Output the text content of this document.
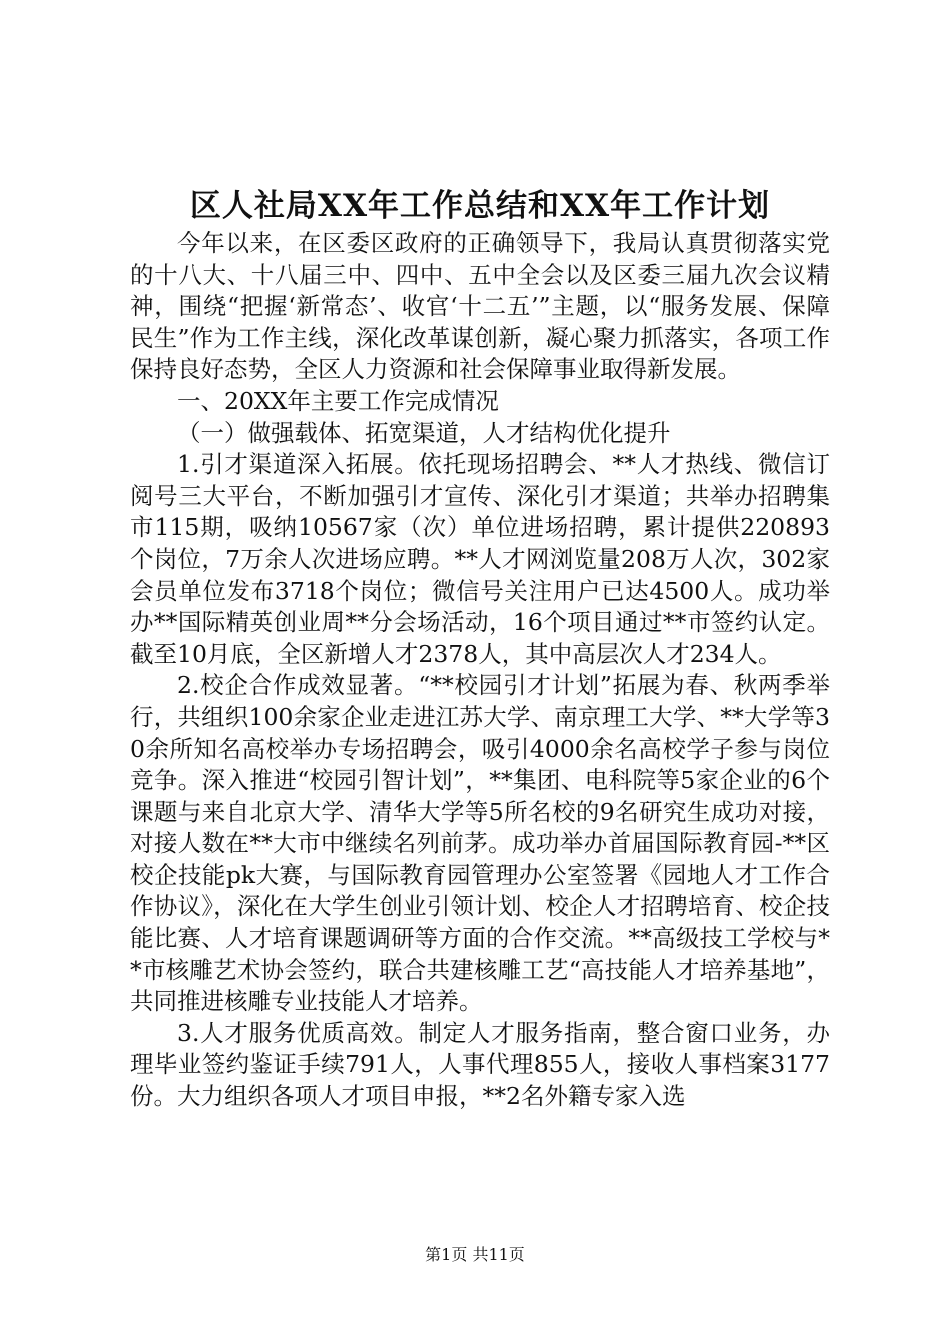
区人社局XX年工作总结和XX年工作计划

今年以来，在区委区政府的正确领导下，我局认真贯彻落实党的十八大、十八届三中、四中、五中全会以及区委三届九次会议精神，围绕“把握‘新常态’、收官‘十二五’”主题，以“服务发展、保障民生”作为工作主线，深化改革谋创新，凝心聚力抓落实，各项工作保持良好态势，全区人力资源和社会保障事业取得新发展。

一、20XX年主要工作完成情况

（一）做强载体、拓宽渠道，人才结构优化提升

1.引才渠道深入拓展。依托现场招聘会、**人才热线、微信订阅号三大平台，不断加强引才宣传、深化引才渠道；共举办招聘集市115期，吸纳10567家（次）单位进场招聘，累计提供220893个岗位，7万余人次进场应聘。**人才网浏览量208万人次，302家会员单位发布3718个岗位；微信号关注用户已达4500人。成功举办**国际精英创业周**分会场活动，16个项目通过**市签约认定。截至10月底，全区新增人才2378人，其中高层次人才234人。

2.校企合作成效显著。“**校园引才计划”拓展为春、秋两季举行，共组织100余家企业走进江苏大学、南京理工大学、**大学等30余所知名高校举办专场招聘会，吸引4000余名高校学子参与岗位竞争。深入推进“校园引智计划”，**集团、电科院等5家企业的6个课题与来自北京大学、清华大学等5所名校的9名研究生成功对接，对接人数在**大市中继续名列前茅。成功举办首届国际教育园-**区校企技能pk大赛，与国际教育园管理办公室签署《园地人才工作合作协议》，深化在大学生创业引领计划、校企人才招聘培育、校企技能比赛、人才培育课题调研等方面的合作交流。**高级技工学校与**市核雕艺术协会签约，联合共建核雕工艺“高技能人才培养基地”，共同推进核雕专业技能人才培养。

3.人才服务优质高效。制定人才服务指南，整合窗口业务，办理毕业签约鉴证手续791人，人事代理855人，接收人事档案3177份。大力组织各项人才项目申报，**2名外籍专家入选

第1页 共11页
